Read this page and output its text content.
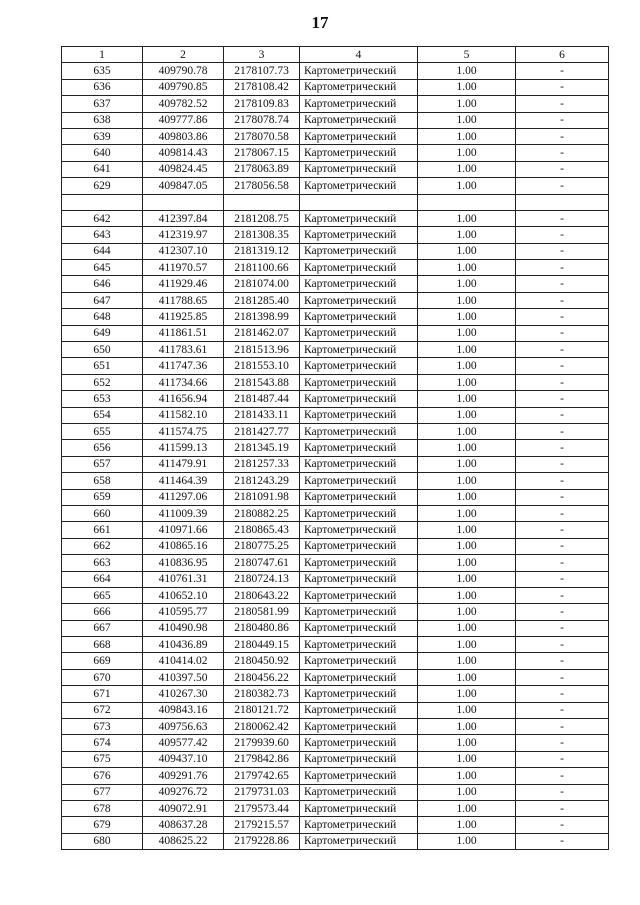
17
1	2	3	4	5	6
635	409790.78	2178107.73	Картометрический	1.00	-
636	409790.85	2178108.42	Картометрический	1.00	-
637	409782.52	2178109.83	Картометрический	1.00	-
638	409777.86	2178078.74	Картометрический	1.00	-
639	409803.86	2178070.58	Картометрический	1.00	-
640	409814.43	2178067.15	Картометрический	1.00	-
641	409824.45	2178063.89	Картометрический	1.00	-
629	409847.05	2178056.58	Картометрический	1.00	-

642	412397.84	2181208.75	Картометрический	1.00	-
643	412319.97	2181308.35	Картометрический	1.00	-
644	412307.10	2181319.12	Картометрический	1.00	-
645	411970.57	2181100.66	Картометрический	1.00	-
646	411929.46	2181074.00	Картометрический	1.00	-
647	411788.65	2181285.40	Картометрический	1.00	-
648	411925.85	2181398.99	Картометрический	1.00	-
649	411861.51	2181462.07	Картометрический	1.00	-
650	411783.61	2181513.96	Картометрический	1.00	-
651	411747.36	2181553.10	Картометрический	1.00	-
652	411734.66	2181543.88	Картометрический	1.00	-
653	411656.94	2181487.44	Картометрический	1.00	-
654	411582.10	2181433.11	Картометрический	1.00	-
655	411574.75	2181427.77	Картометрический	1.00	-
656	411599.13	2181345.19	Картометрический	1.00	-
657	411479.91	2181257.33	Картометрический	1.00	-
658	411464.39	2181243.29	Картометрический	1.00	-
659	411297.06	2181091.98	Картометрический	1.00	-
660	411009.39	2180882.25	Картометрический	1.00	-
661	410971.66	2180865.43	Картометрический	1.00	-
662	410865.16	2180775.25	Картометрический	1.00	-
663	410836.95	2180747.61	Картометрический	1.00	-
664	410761.31	2180724.13	Картометрический	1.00	-
665	410652.10	2180643.22	Картометрический	1.00	-
666	410595.77	2180581.99	Картометрический	1.00	-
667	410490.98	2180480.86	Картометрический	1.00	-
668	410436.89	2180449.15	Картометрический	1.00	-
669	410414.02	2180450.92	Картометрический	1.00	-
670	410397.50	2180456.22	Картометрический	1.00	-
671	410267.30	2180382.73	Картометрический	1.00	-
672	409843.16	2180121.72	Картометрический	1.00	-
673	409756.63	2180062.42	Картометрический	1.00	-
674	409577.42	2179939.60	Картометрический	1.00	-
675	409437.10	2179842.86	Картометрический	1.00	-
676	409291.76	2179742.65	Картометрический	1.00	-
677	409276.72	2179731.03	Картометрический	1.00	-
678	409072.91	2179573.44	Картометрический	1.00	-
679	408637.28	2179215.57	Картометрический	1.00	-
680	408625.22	2179228.86	Картометрический	1.00	-
